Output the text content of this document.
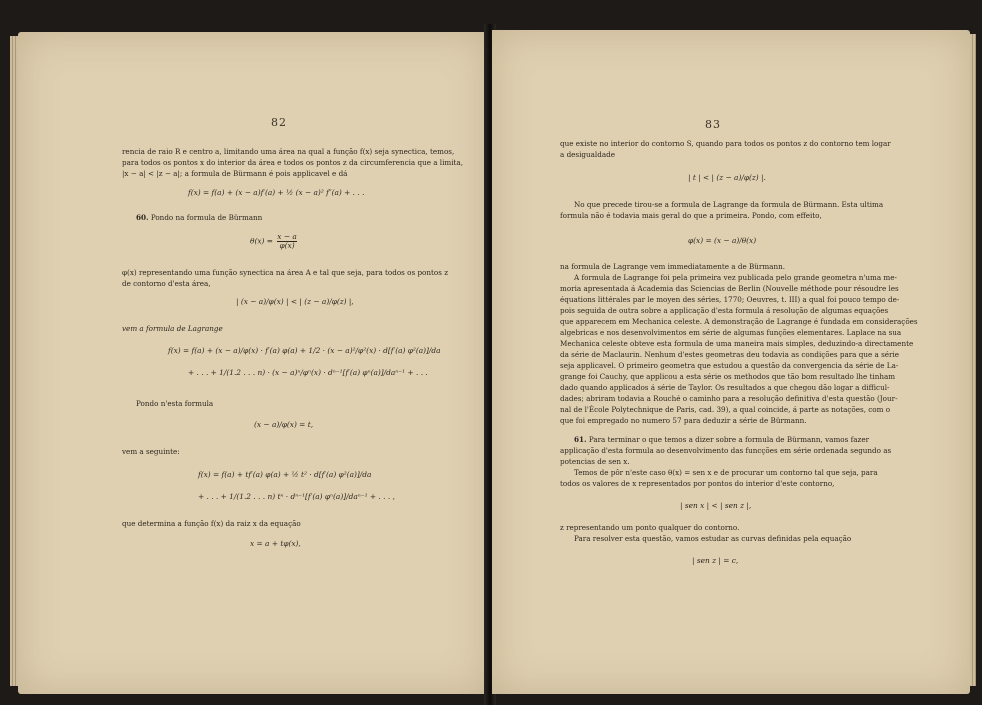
82
rencia de raio R e centro a, limitando uma área na qual a função f(x) seja synectica, temos,
para todos os pontos x do interior da área e todos os pontos z da circumferencia que a limita,
|x − a| < |z − a|; a formula de Bürmann é pois applicavel e dá
f(x) = f(a) + (x − a)f′(a) + ½ (x − a)² f″(a) + . . .
60. Pondo na formula de Bürmann
$\theta(x) = \frac{x - a}{\varphi(x)}$
φ(x) representando uma função synectica na área A e tal que seja, para todos os pontos z
de contorno d'esta área,
| (x − a)/φ(x) | < | (z − a)/φ(z) |,
vem a formula de Lagrange
f(x) = f(a) + (x − a)/φ(x) · f′(a) φ(a) + 1/2 · (x − a)²/φ²(x) · d[f′(a) φ²(a)]/da
+ . . . + 1/(1.2 . . . n) · (x − a)ⁿ/φⁿ(x) · dⁿ⁻¹[f′(a) φⁿ(a)]/daⁿ⁻¹ + . . .
Pondo n'esta formula
(x − a)/φ(x) = t,
vem a seguinte:
f(x) = f(a) + tf′(a) φ(a) + ½ t² · d[f′(a) φ²(a)]/da
+ . . . + 1/(1.2 . . . n) tⁿ · dⁿ⁻¹[f′(a) φⁿ(a)]/daⁿ⁻¹ + . . . ,
que determina a função f(x) da raiz x da equação
x = a + tφ(x),
83
que existe no interior do contorno S, quando para todos os pontos z do contorno tem logar
a desigualdade
| t | < | (z − a)/φ(z) |.
No que precede tirou-se a formula de Lagrange da formula de Bürmann. Esta ultima
formula não é todavia mais geral do que a primeira. Pondo, com effeito,
φ(x) = (x − a)/θ(x)
na formula de Lagrange vem immediatamente a de Bürmann.
A formula de Lagrange foi pela primeira vez publicada pelo grande geometra n'uma me-
moria apresentada á Academia das Sciencias de Berlin (Nouvelle méthode pour résoudre les
équations littérales par le moyen des séries, 1770; Oeuvres, t. III) a qual foi pouco tempo de-
pois seguida de outra sobre a applicação d'esta formula á resolução de algumas equações
que apparecem em Mechanica celeste. A demonstração de Lagrange é fundada em considerações
algebricas e nos desenvolvimentos em série de algumas funções elementares. Laplace na sua
Mechanica celeste obteve esta formula de uma maneira mais simples, deduzindo-a directamente
da série de Maclaurin. Nenhum d'estes geometras deu todavia as condições para que a série
seja applicavel. O primeiro geometra que estudou a questão da convergencia da série de La-
grange foi Cauchy, que applicou a esta série os methodos que tão bom resultado lhe tinham
dado quando applicados á série de Taylor. Os resultados a que chegou dão logar a difficul-
dades; abriram todavia a Rouché o caminho para a resolução definitiva d'esta questão (Jour-
nal de l'École Polytechnique de Paris, cad. 39), a qual coincide, á parte as notações, com o
que foi empregado no numero 57 para deduzir a série de Bürmann.
61. Para terminar o que temos a dizer sobre a formula de Bürmann, vamos fazer
applicação d'esta formula ao desenvolvimento das funcções em série ordenada segundo as
potencias de sen x.
Temos de pôr n'este caso θ(x) = sen x e de procurar um contorno tal que seja, para
todos os valores de x representados por pontos do interior d'este contorno,
| sen x | < | sen z |,
z representando um ponto qualquer do contorno.
Para resolver esta questão, vamos estudar as curvas definidas pela equação
| sen z | = c,
